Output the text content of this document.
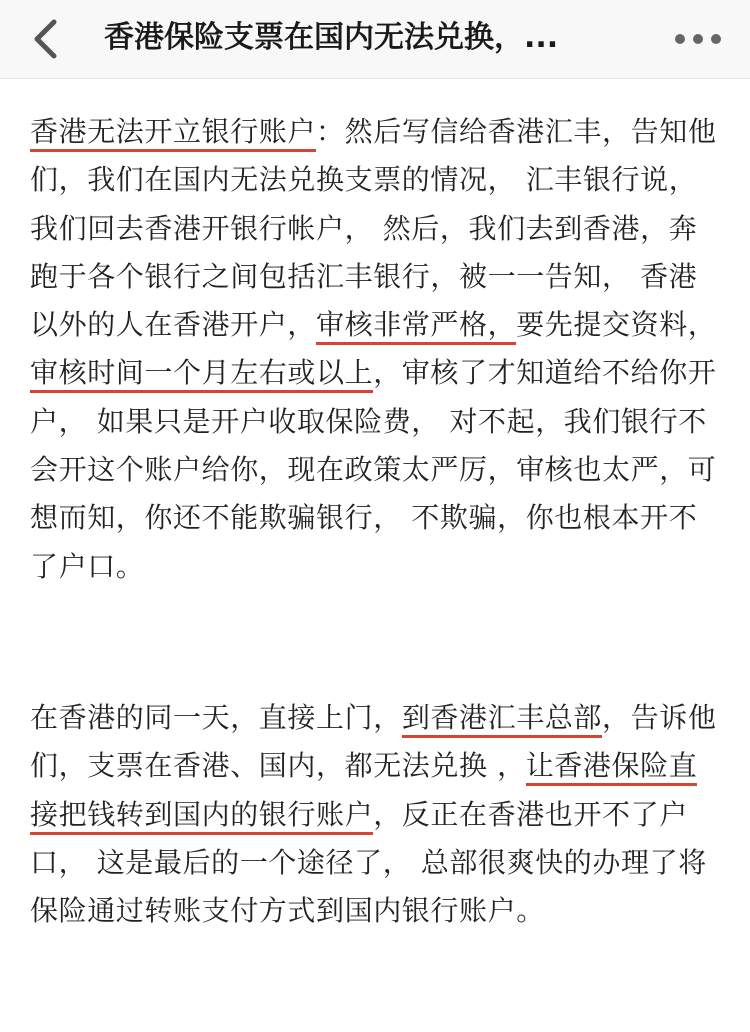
香港保险支票在国内无法兑换，...
香港无法开立银行账户：然后写信给香港汇丰，告知他们，我们在国内无法兑换支票的情况， 汇丰银行说，我们回去香港开银行帐户， 然后，我们去到香港，奔跑于各个银行之间包括汇丰银行，被一一告知， 香港以外的人在香港开户，审核非常严格，要先提交资料，审核时间一个月左右或以上，审核了才知道给不给你开户， 如果只是开户收取保险费， 对不起，我们银行不会开这个账户给你，现在政策太严厉，审核也太严，可想而知，你还不能欺骗银行， 不欺骗，你也根本开不了户口。
在香港的同一天，直接上门，到香港汇丰总部，告诉他们，支票在香港、国内，都无法兑换 ，让香港保险直接把钱转到国内的银行账户，反正在香港也开不了户口， 这是最后的一个途径了， 总部很爽快的办理了将保险通过转账支付方式到国内银行账户。
